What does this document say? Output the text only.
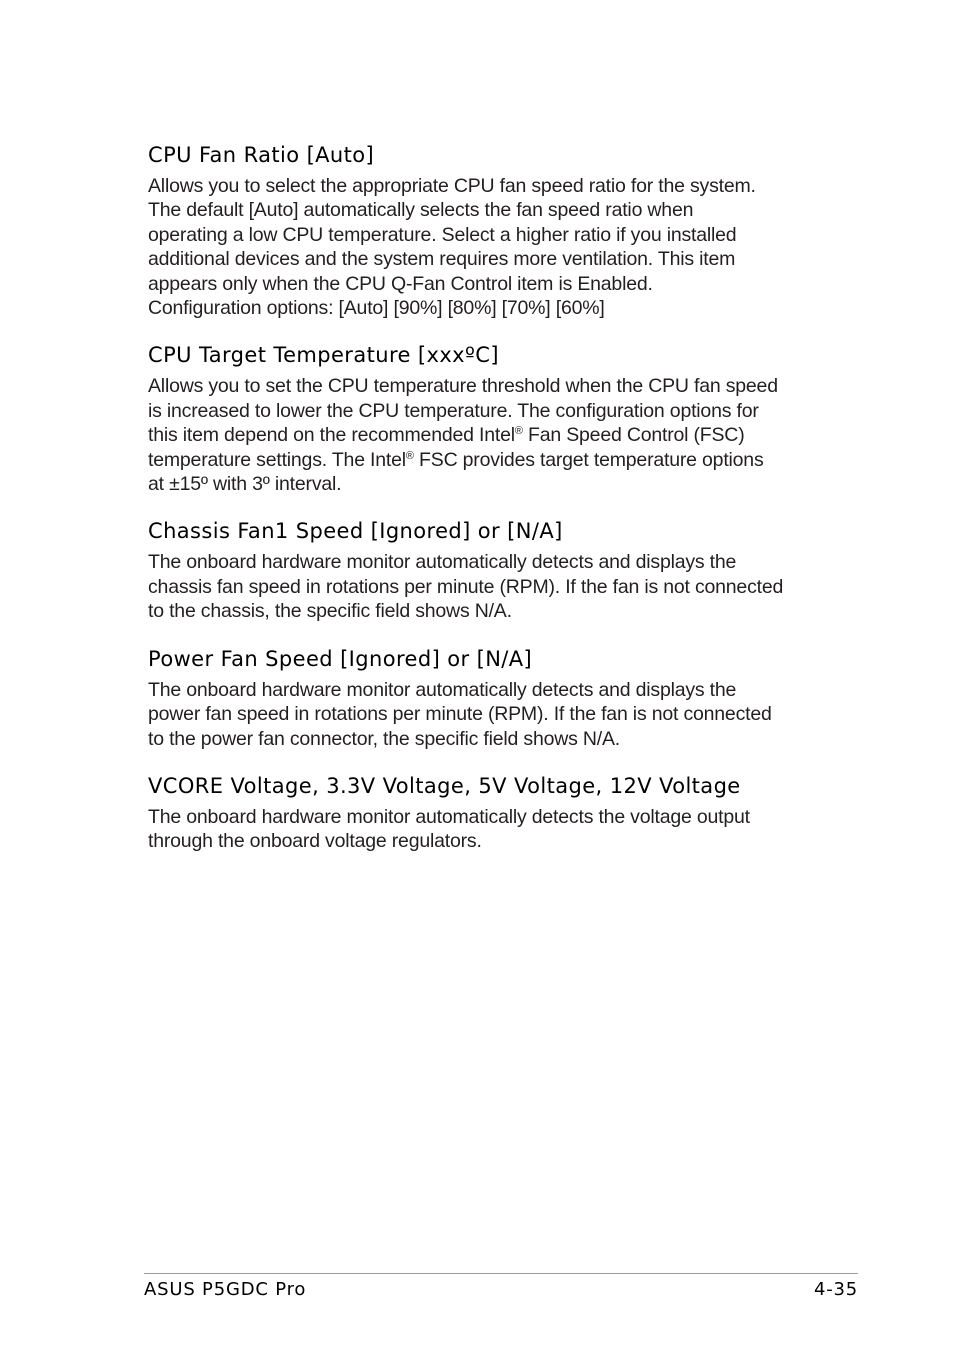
CPU Fan Ratio [Auto]

Allows you to select the appropriate CPU fan speed ratio for the system.
The default [Auto] automatically selects the fan speed ratio when
operating a low CPU temperature. Select a higher ratio if you installed
additional devices and the system requires more ventilation. This item
appears only when the CPU Q-Fan Control item is Enabled.
Configuration options: [Auto] [90%] [80%] [70%] [60%]

CPU Target Temperature [xxxºC]

Allows you to set the CPU temperature threshold when the CPU fan speed
is increased to lower the CPU temperature. The configuration options for
this item depend on the recommended Intel® Fan Speed Control (FSC)
temperature settings. The Intel® FSC provides target temperature options
at ±15º with 3º interval.

Chassis Fan1 Speed [Ignored] or [N/A]

The onboard hardware monitor automatically detects and displays the
chassis fan speed in rotations per minute (RPM). If the fan is not connected
to the chassis, the specific field shows N/A.

Power Fan Speed [Ignored] or [N/A]

The onboard hardware monitor automatically detects and displays the
power fan speed in rotations per minute (RPM). If the fan is not connected
to the power fan connector, the specific field shows N/A.

VCORE Voltage, 3.3V Voltage, 5V Voltage, 12V Voltage

The onboard hardware monitor automatically detects the voltage output
through the onboard voltage regulators.

ASUS P5GDC Pro	4-35
